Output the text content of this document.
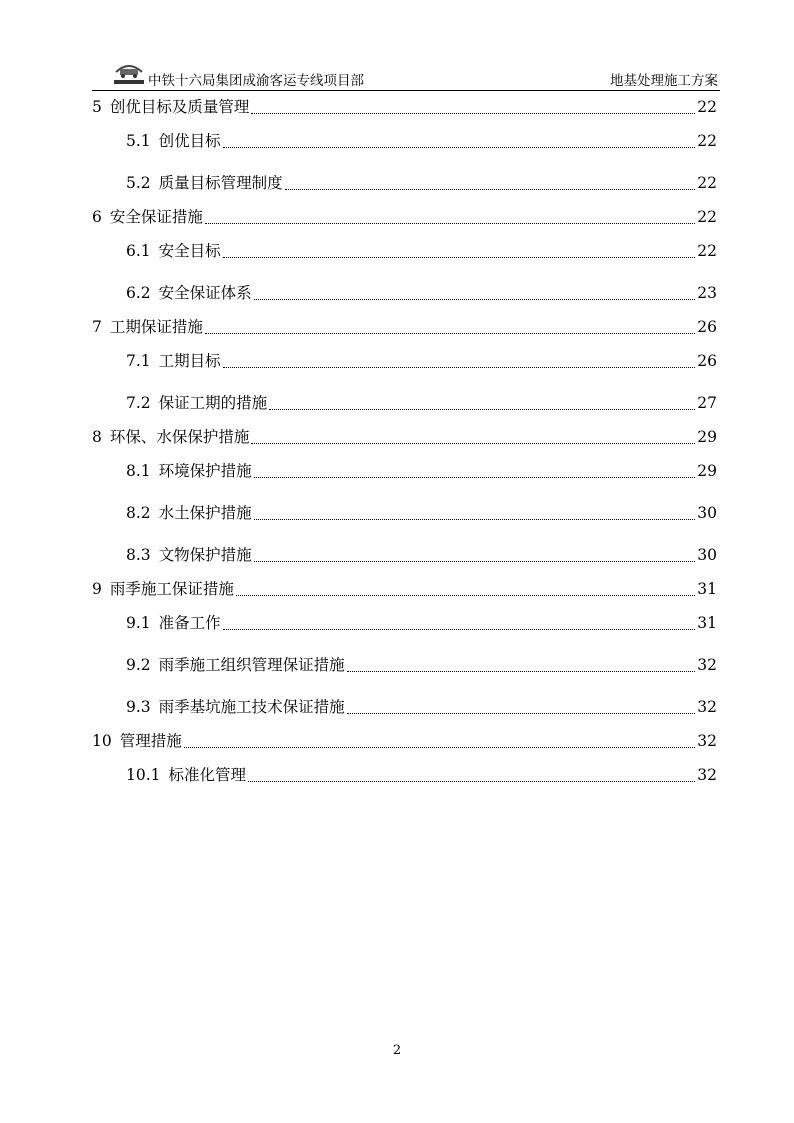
中铁十六局集团成渝客运专线项目部	地基处理施工方案
5 创优目标及质量管理	22
5.1 创优目标	22
5.2 质量目标管理制度	22
6 安全保证措施	22
6.1 安全目标	22
6.2 安全保证体系	23
7 工期保证措施	26
7.1 工期目标	26
7.2 保证工期的措施	27
8 环保、水保保护措施	29
8.1 环境保护措施	29
8.2 水土保护措施	30
8.3 文物保护措施	30
9 雨季施工保证措施	31
9.1 准备工作	31
9.2 雨季施工组织管理保证措施	32
9.3 雨季基坑施工技术保证措施	32
10 管理措施	32
10.1 标准化管理	32
2
